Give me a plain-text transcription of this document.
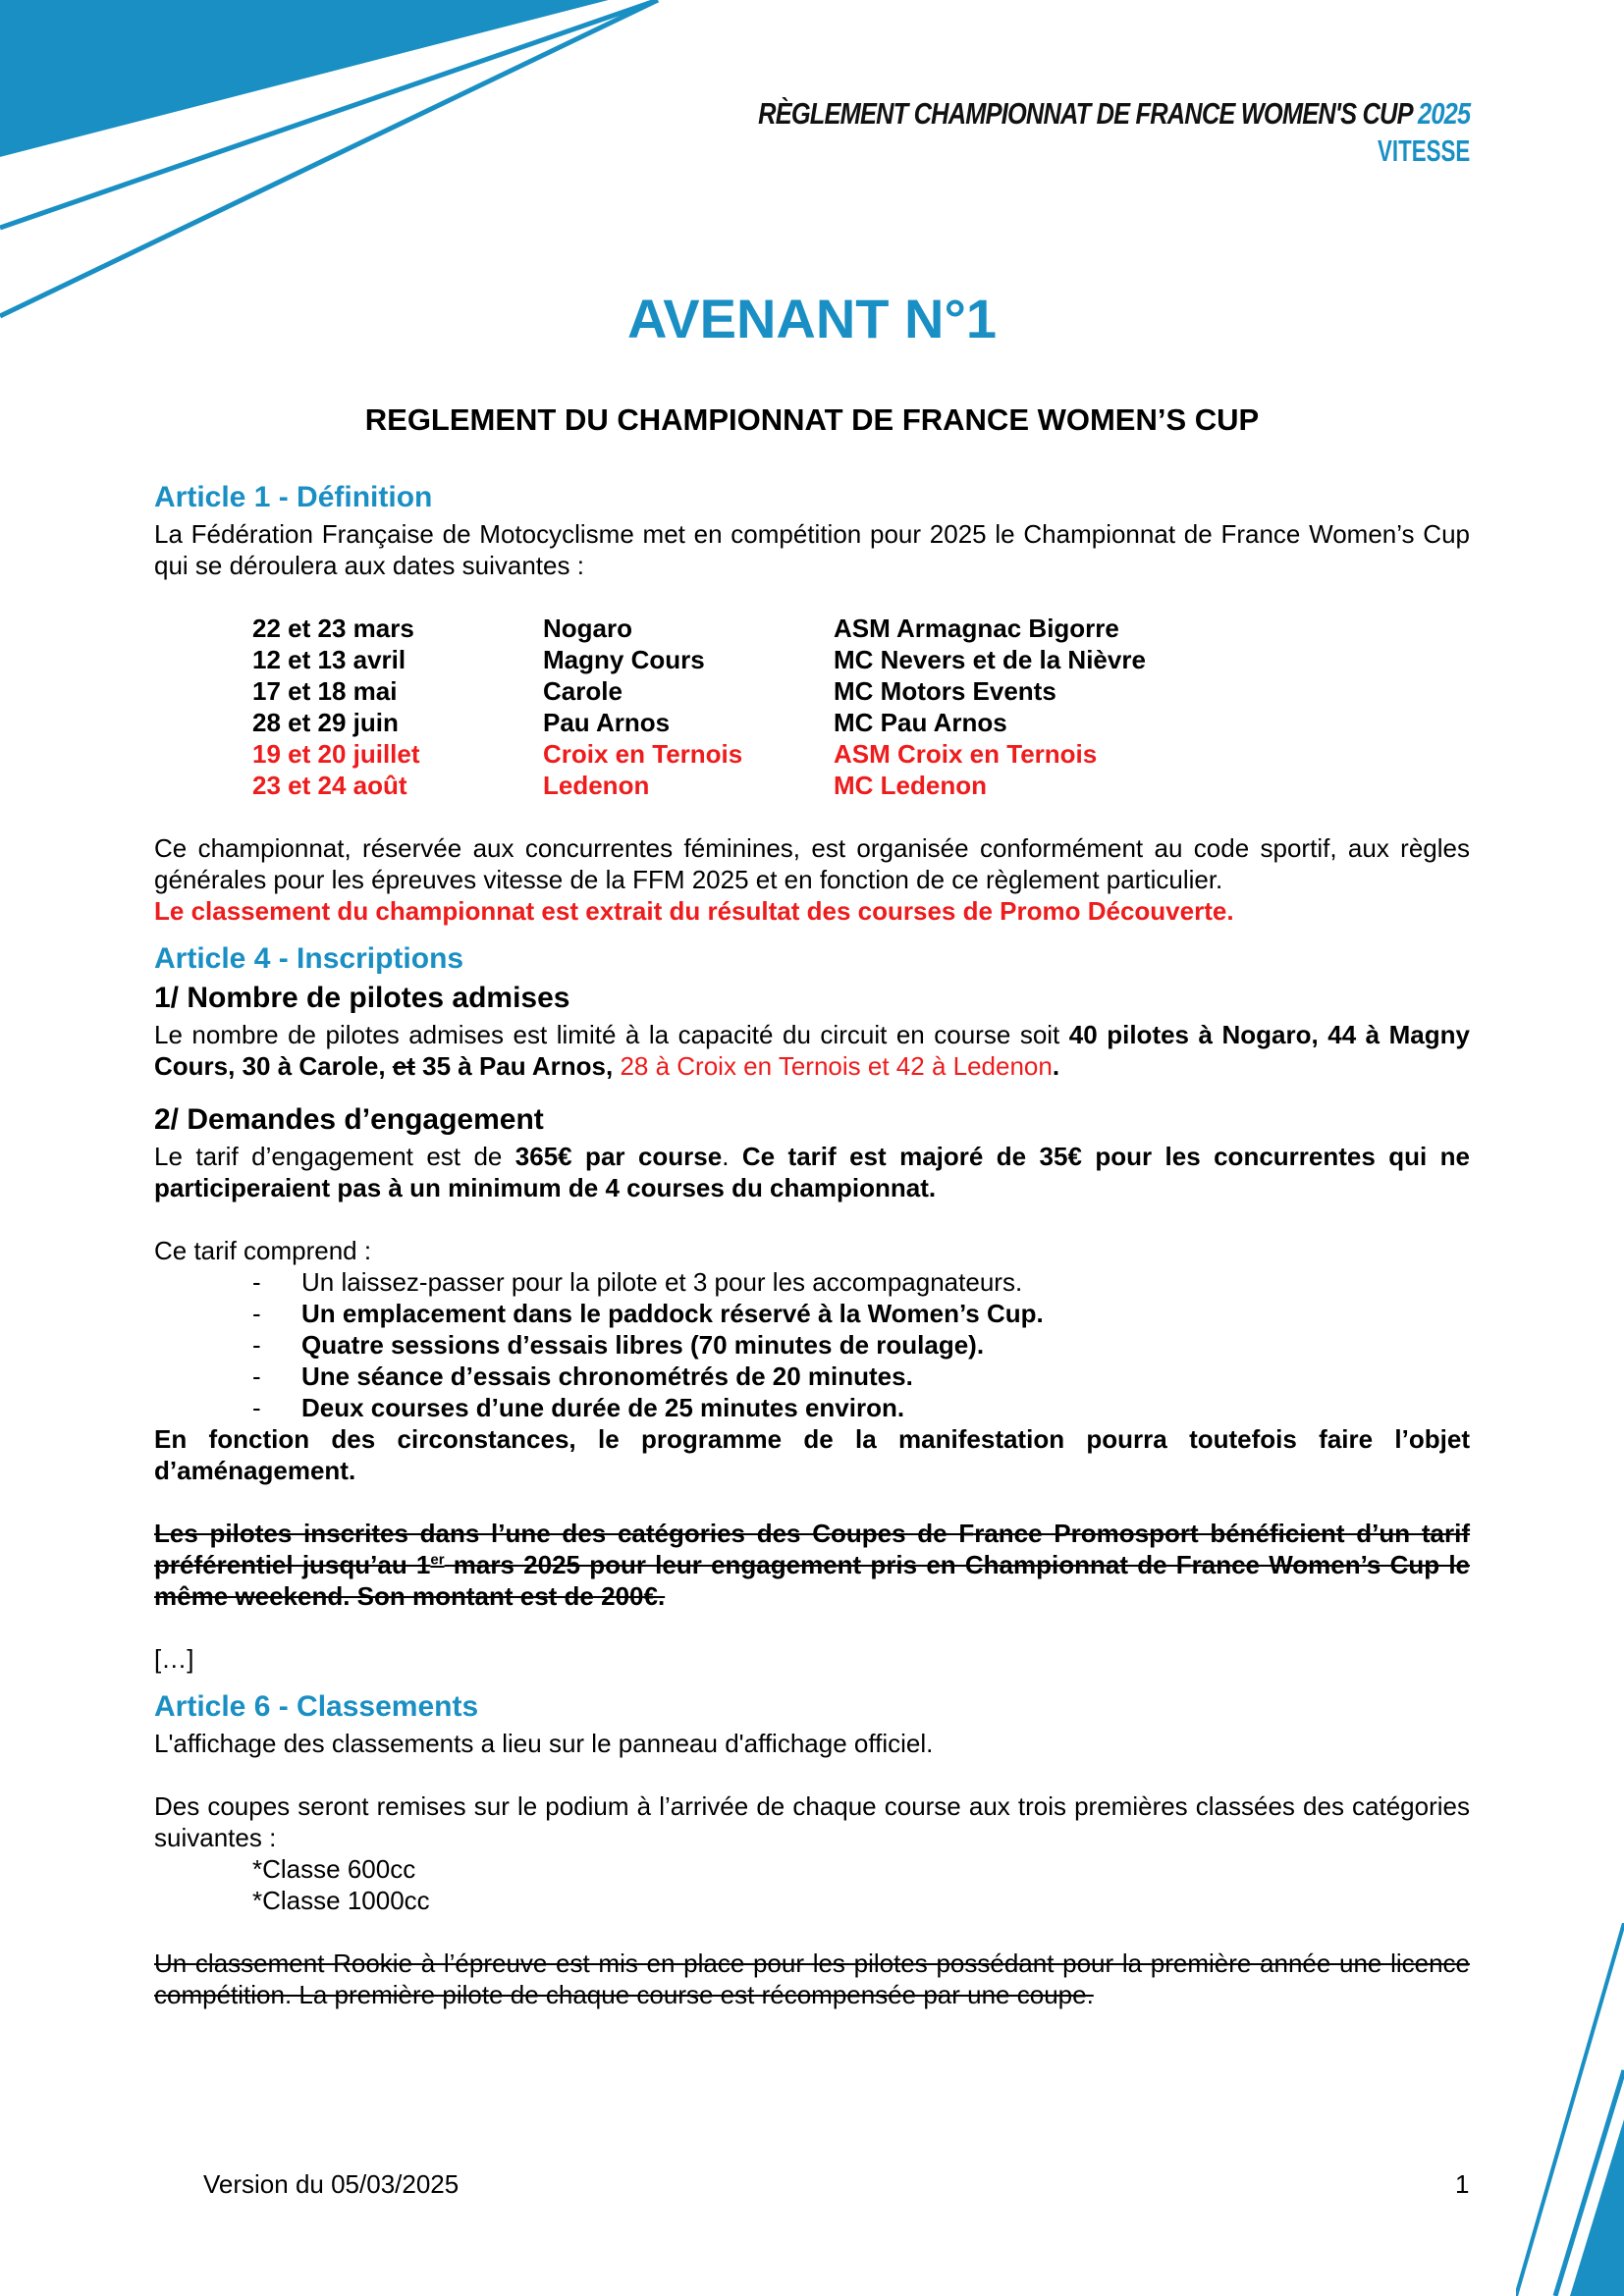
RÈGLEMENT CHAMPIONNAT DE FRANCE WOMEN'S CUP 2025
VITESSE
AVENANT N°1
REGLEMENT DU CHAMPIONNAT DE FRANCE WOMEN’S CUP
Article 1 - Définition

La Fédération Française de Motocyclisme met en compétition pour 2025 le Championnat de France Women’s Cup qui se déroulera aux dates suivantes :

22 et 23 mars	Nogaro	ASM Armagnac Bigorre
12 et 13 avril	Magny Cours	MC Nevers et de la Nièvre
17 et 18 mai	Carole	MC Motors Events
28 et 29 juin	Pau Arnos	MC Pau Arnos
19 et 20 juillet	Croix en Ternois	ASM Croix en Ternois
23 et 24 août	Ledenon	MC Ledenon

Ce championnat, réservée aux concurrentes féminines, est organisée conformément au code sportif, aux règles générales pour les épreuves vitesse de la FFM 2025 et en fonction de ce règlement particulier.

Le classement du championnat est extrait du résultat des courses de Promo Découverte.

Article 4 - Inscriptions
1/ Nombre de pilotes admises

Le nombre de pilotes admises est limité à la capacité du circuit en course soit 40 pilotes à Nogaro, 44 à Magny Cours, 30 à Carole, et 35 à Pau Arnos, 28 à Croix en Ternois et 42 à Ledenon.

2/ Demandes d’engagement

Le tarif d’engagement est de 365€ par course. Ce tarif est majoré de 35€ pour les concurrentes qui ne participeraient pas à un minimum de 4 courses du championnat.

Ce tarif comprend :

- Un laissez-passer pour la pilote et 3 pour les accompagnateurs.
- Un emplacement dans le paddock réservé à la Women’s Cup.
- Quatre sessions d’essais libres (70 minutes de roulage).
- Une séance d’essais chronométrés de 20 minutes.
- Deux courses d’une durée de 25 minutes environ.

En fonction des circonstances, le programme de la manifestation pourra toutefois faire l’objet d’aménagement.

Les pilotes inscrites dans l’une des catégories des Coupes de France Promosport bénéficient d’un tarif préférentiel jusqu’au 1er mars 2025 pour leur engagement pris en Championnat de France Women’s Cup le même weekend. Son montant est de 200€.

[…]

Article 6 - Classements

L'affichage des classements a lieu sur le panneau d'affichage officiel.

Des coupes seront remises sur le podium à l’arrivée de chaque course aux trois premières classées des catégories suivantes :

*Classe 600cc

*Classe 1000cc

Un classement Rookie à l’épreuve est mis en place pour les pilotes possédant pour la première année une licence compétition. La première pilote de chaque course est récompensée par une coupe.

Version du 05/03/2025	1
